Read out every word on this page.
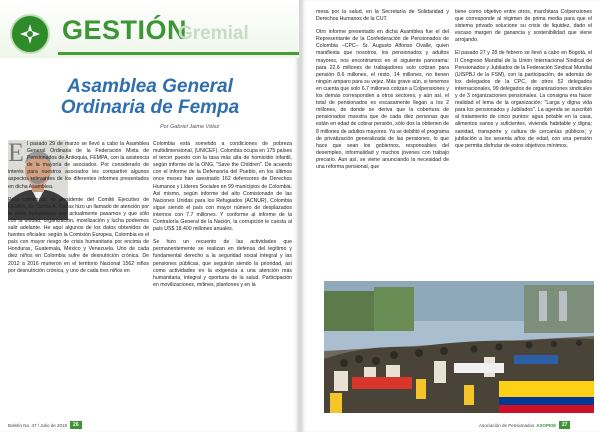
GESTIÓN
Gremial
Asamblea General Ordinaria de Fempa
Por Gabriel Jaime Vélez

El pasado 29 de marzo se llevó a cabo la Asamblea General Ordinaria de la Federación Mixta de Pensionados de Antioquia, FEMPA, con la asistencia de la mayoría de asociados. Por considerarlo de interés para nuestros asociados les compartiré algunos aspectos relevantes de los diferentes informes presentados en dicha Asamblea.

Para comenzar, el presidente del Comité Ejecutivo de FEMPA, Sr. Carlos A. Cañas hizo un llamado de atención por la crisis humanitaria que actualmente pasamos y que sólo con la unidad, organización, movilización y lucha podremos salir adelante. He aquí algunos de los datos obtenidos de fuentes oficiales: según la Comisión Europea, Colombia es el país con mayor riesgo de crisis humanitaria por encima de Honduras, Guatemala, México y Venezuela. Uno de cada diez niños en Colombia sufre de desnutrición crónica. De 2012 a 2016 murieron en el territorio Nacional 1562 niños por desnutrición crónica, y uno de cada tres niños en

Colombia está sometido a condiciones de pobreza multidimensional, (UNICEF). Colombia ocupa en 175 países el tercer puesto con la tasa más alta de homicidio infantil, según informe de la ONG, "Save the Children". De acuerdo con el informe de la Defensoría del Pueblo, en los últimos once meses han asesinado 162 defensores de Derechos Humanos y Líderes Sociales en 99 municipios de Colombia. Así mismo, según informe del alto Comisionado de las Naciones Unidas para los Refugiados (ACNUR), Colombia sigue siendo el país con mayor número de desplazados internos con 7.7 millones. Y conforme al informe de la Contraloría General de la Nación, la corrupción le cuesta al país US$ 18.400 millones anuales.

Se hizo un recuento de las actividades que permanentemente se realizan en defensa del legítimo y fundamental derecho a la seguridad social integral y las pensiones públicas, que seguirán siendo la prioridad, así como actividades en la exigencia a una atención más humanitaria, integral y oportuna de la salud. Participación en movilizaciones, mítines, plantones y en la

Boletín No. 47 / Julio de 2019	26

mesa por la salud, en la Secretaría de Solidaridad y Derechos Humanos de la CUT.

Otro informe presentado en dicha Asamblea fue el del Representante de la Confederación de Pensionados de Colombia –CPC– Sr. Augusto Alfonso Ovalle, quien manifiesta que nosotros, los pensionados y adultos mayores, nos encontramos en el siguiente panorama: para 22.6 millones de trabajadores solo cotizan para pensión 8.6 millones, el resto, 14 millones, no tienen ningún amparo para su vejez. Más grave aún, si tenemos en cuenta que solo 6.7 millones cotizan a Colpensiones y los demás corresponden a otros sectores, y aún así, el total de pensionados es escasamente llegan a los 2 millones, de donde se deriva que la cobertura de pensionados muestra que de cada diez personas que están en edad de cobrar pensión, sólo dos la obtienen de 8 millones de adultos mayores. Ya se debilitó el programa de privatización generalizada de las pensiones, lo que hace que sean los gobiernos, responsables del desempleo, informalidad y muchos jóvenes con trabajo precario. Aun así, se viene anunciando la necesidad de una reforma pensional, que

tiene como objetivo entre otros, marchitara Colpensiones que corresponde al régimen de prima media para que el sistema privado solucione su crisis de liquidez, dado el escaso margen de ganancia y sostenibilidad que viene arrojando.

El pasado 27 y 28 de febrero se llevó a cabo en Bogotá, el II Congreso Mundial de la Unión Internacional Sindical de Pensionados y Jubilados de la Federación Sindical Mundial (UISPBJ de la FSM), con la participación, de además de los delegados de la CPC, de otros 52 delegados internacionales, 99 delegados de organizaciones sindicales y de 3 organizaciones pensionales. La consigna era hacer realidad el lema de la organización: "Larga y digna vida para los pensionados y Jubilados". La agenda se suscribió al tratamiento de cinco puntos: agua potable en la casa, alimentos sanos y suficientes, vivienda habitable y digna; sanidad, transporte y cultura de cercanías públicos; y jubilación a los sesenta años de edad, con una pensión que permita disfrutar de estos objetivos mínimos.

Asociación de Pensionados ASOPEM	27
